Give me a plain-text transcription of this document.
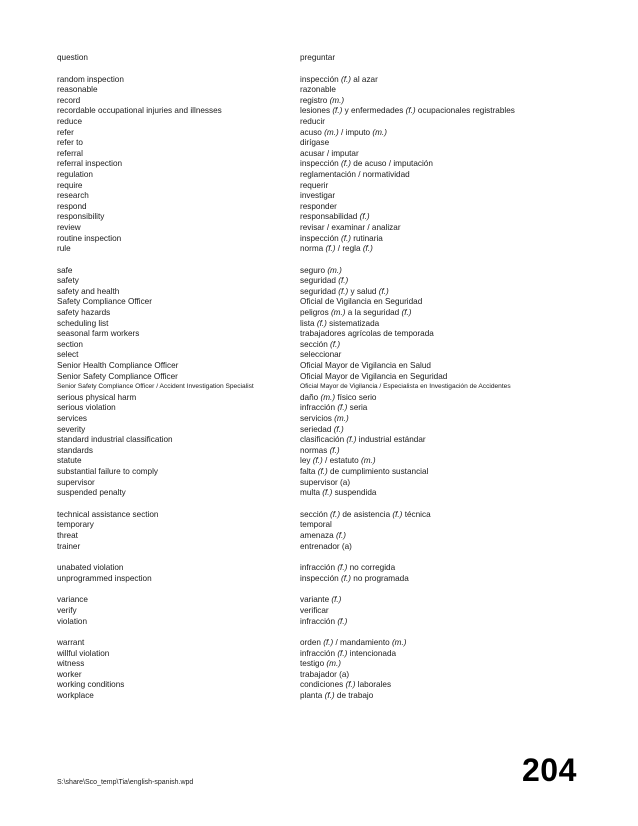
question
random inspection
reasonable
record
recordable occupational injuries and illnesses
reduce
refer
refer to
referral
referral inspection
regulation
require
research
respond
responsibility
review
routine inspection
rule
safe
safety
safety and health
Safety Compliance Officer
safety hazards
scheduling list
seasonal farm workers
section
select
Senior Health Compliance Officer
Senior Safety Compliance Officer
Senior Safety Compliance Officer / Accident Investigation Specialist
serious physical harm
serious violation
services
severity
standard industrial classification
standards
statute
substantial failure to comply
supervisor
suspended penalty
technical assistance section
temporary
threat
trainer
unabated violation
unprogrammed inspection
variance
verify
violation
warrant
willful violation
witness
worker
working conditions
workplace
preguntar
inspección (f.) al azar
razonable
registro (m.)
lesiones (f.) y enfermedades (f.) ocupacionales registrables
reducir
acuso (m.) / imputo (m.)
dirígase
acusar / imputar
inspección (f.) de acuso / imputación
reglamentación / normatividad
requerir
investigar
responder
responsabilidad (f.)
revisar / examinar / analizar
inspección (f.) rutinaria
norma (f.) / regla (f.)
seguro (m.)
seguridad (f.)
seguridad (f.) y salud (f.)
Oficial de Vigilancia en Seguridad
peligros (m.) a la seguridad (f.)
lista (f.) sistematizada
trabajadores agrícolas de temporada
sección (f.)
seleccionar
Oficial Mayor de Vigilancia en Salud
Oficial Mayor de Vigilancia en Seguridad
Oficial Mayor de Vigilancia / Especialista en Investigación de Accidentes
daño (m.) físico serio
infracción (f.) seria
servicios (m.)
seriedad (f.)
clasificación (f.) industrial estándar
normas (f.)
ley (f.) / estatuto (m.)
falta (f.) de cumplimiento sustancial
supervisor (a)
multa (f.) suspendida
sección (f.) de asistencia (f.) técnica
temporal
amenaza (f.)
entrenador (a)
infracción (f.) no corregida
inspección (f.) no programada
variante (f.)
verificar
infracción (f.)
orden (f.) / mandamiento (m.)
infracción (f.) intencionada
testigo (m.)
trabajador (a)
condiciones (f.) laborales
planta (f.) de trabajo
S:\share\Sco_temp\Tia\english-spanish.wpd	204
